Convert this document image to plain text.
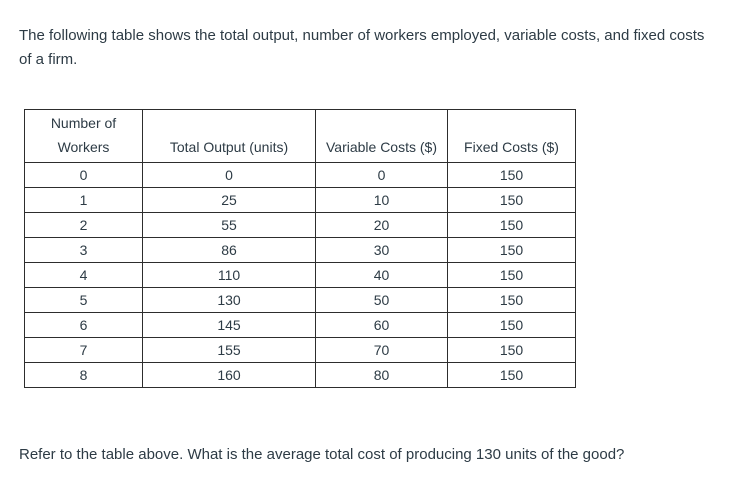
The following table shows the total output, number of workers employed, variable costs, and fixed costs of a firm.

Number of Workers	Total Output (units)	Variable Costs ($)	Fixed Costs ($)
0	0	0	150
1	25	10	150
2	55	20	150
3	86	30	150
4	110	40	150
5	130	50	150
6	145	60	150
7	155	70	150
8	160	80	150

Refer to the table above. What is the average total cost of producing 130 units of the good?
